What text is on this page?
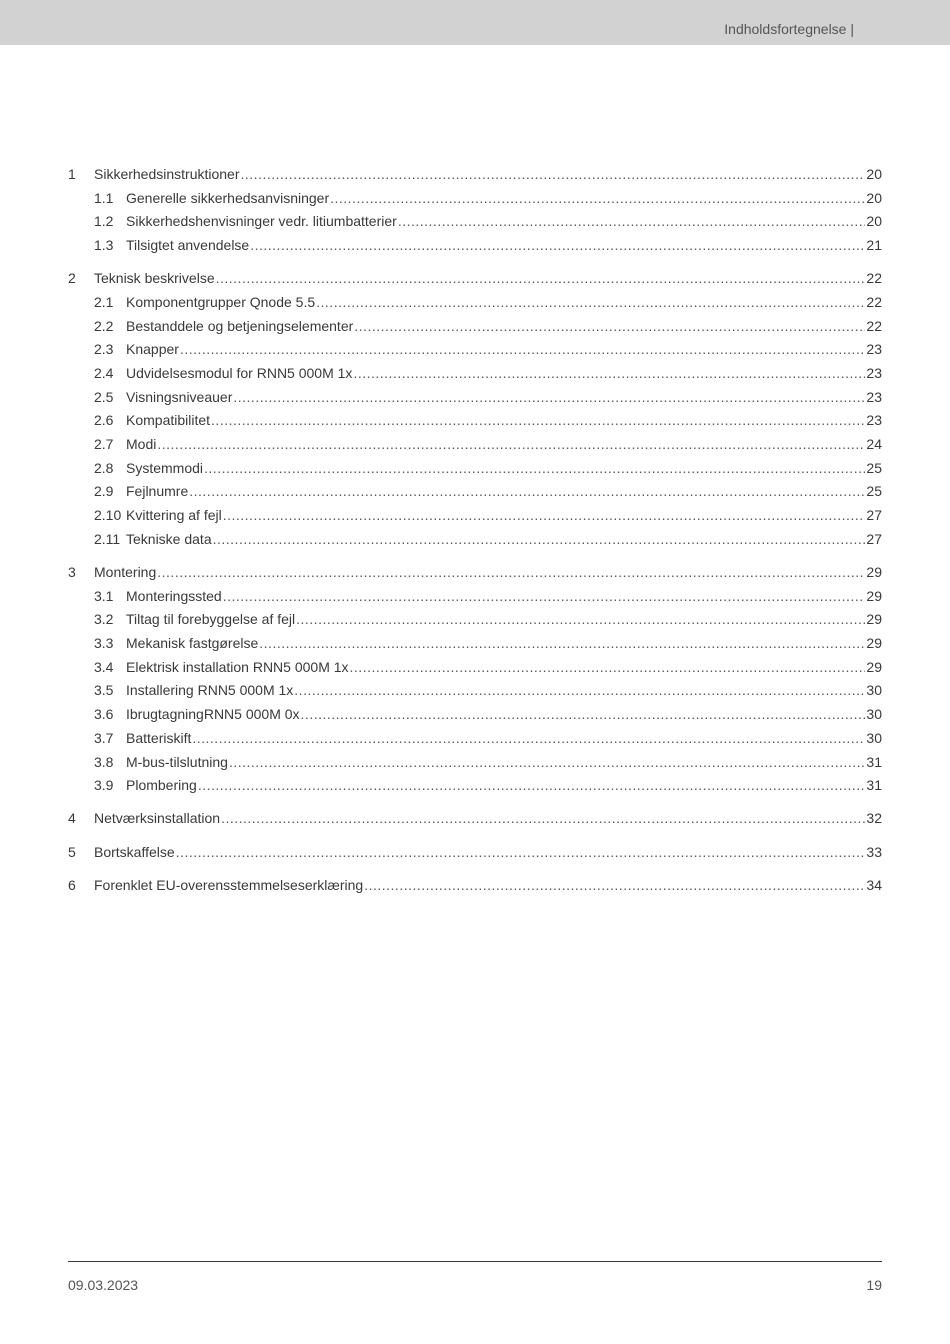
Indholdsfortegnelse |
1	Sikkerhedsinstruktioner .....	20
1.1 Generelle sikkerhedsanvisninger .....	20
1.2 Sikkerhedshenvisninger vedr. litiumbatterier .....	20
1.3 Tilsigtet anvendelse .....	21
2	Teknisk beskrivelse .....	22
2.1 Komponentgrupper Qnode 5.5 .....	22
2.2 Bestanddele og betjeningselementer .....	22
2.3 Knapper .....	23
2.4 Udvidelsesmodul for RNN5 000M 1x .....	23
2.5 Visningsniveauer .....	23
2.6 Kompatibilitet .....	23
2.7 Modi .....	24
2.8 Systemmodi .....	25
2.9 Fejlnumre .....	25
2.10 Kvittering af fejl .....	27
2.11 Tekniske data .....	27
3	Montering .....	29
3.1 Monteringssted .....	29
3.2 Tiltag til forebyggelse af fejl .....	29
3.3 Mekanisk fastgørelse .....	29
3.4 Elektrisk installation RNN5 000M 1x .....	29
3.5 Installering RNN5 000M 1x .....	30
3.6 IbrugtagningRNN5 000M 0x .....	30
3.7 Batteriskift .....	30
3.8 M-bus-tilslutning .....	31
3.9 Plombering .....	31
4	Netværksinstallation .....	32
5	Bortskaffelse .....	33
6	Forenklet EU-overensstemmelseserklæring .....	34
09.03.2023	19
